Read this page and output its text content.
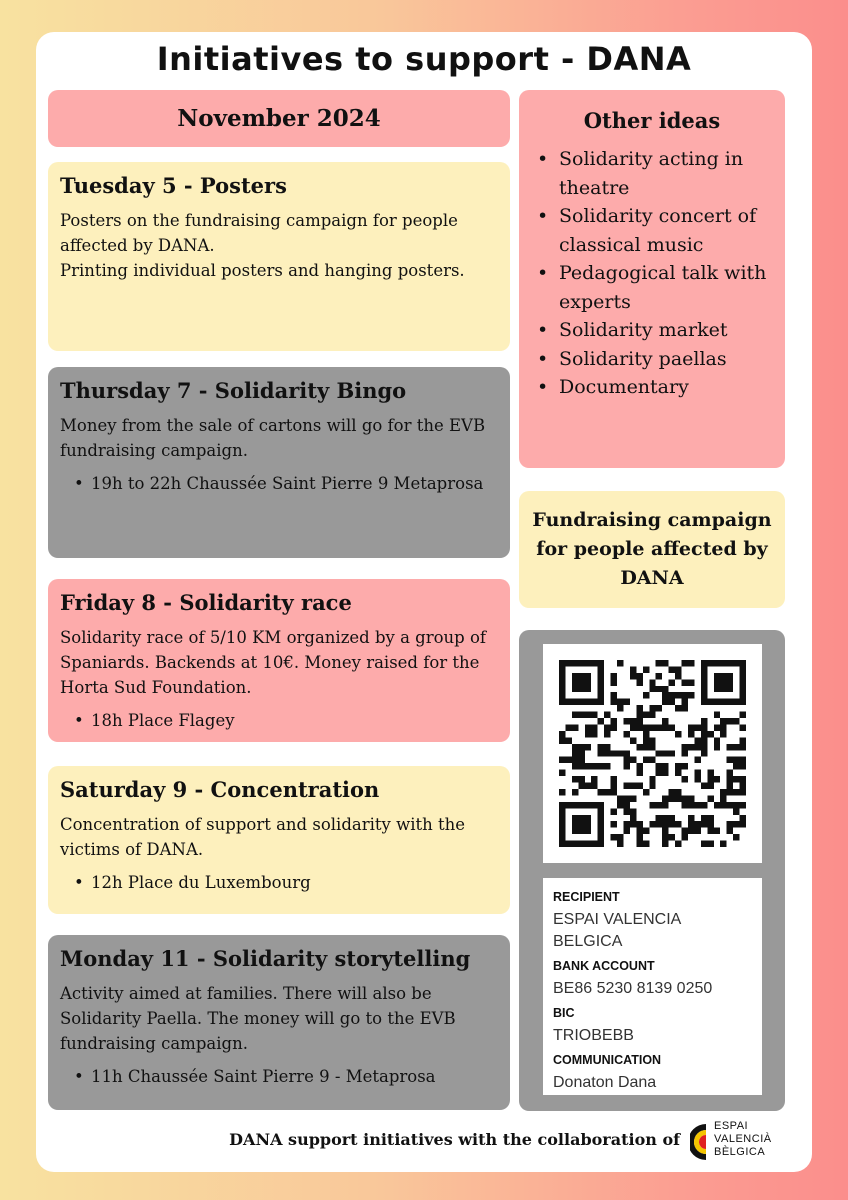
Initiatives to support - DANA
November 2024
Tuesday 5 - Posters

Posters on the fundraising campaign for people affected by DANA.

Printing individual posters and hanging posters.

Thursday 7 - Solidarity Bingo

Money from the sale of cartons will go for the EVB fundraising campaign.

• 19h to 22h Chaussée Saint Pierre 9 Metaprosa
Friday 8 - Solidarity race

Solidarity race of 5/10 KM organized by a group of Spaniards. Backends at 10€. Money raised for the Horta Sud Foundation.

• 18h Place Flagey
Saturday 9 - Concentration

Concentration of support and solidarity with the victims of DANA.

• 12h Place du Luxembourg
Monday 11 - Solidarity storytelling

Activity aimed at families. There will also be Solidarity Paella. The money will go to the EVB fundraising campaign.

• 11h Chaussée Saint Pierre 9 - Metaprosa
Other ideas
• Solidarity acting in theatre
• Solidarity concert of classical music
• Pedagogical talk with experts
• Solidarity market
• Solidarity paellas
• Documentary
Fundraising campaign for people affected by DANA
RECIPIENT
ESPAI VALENCIA BELGICA
BANK ACCOUNT
BE86 5230 8139 0250
BIC
TRIOBEBB
COMMUNICATION
Donaton Dana
DANA support initiatives with the collaboration of
ESPAI
VALENCIÀ
BÈLGICA
